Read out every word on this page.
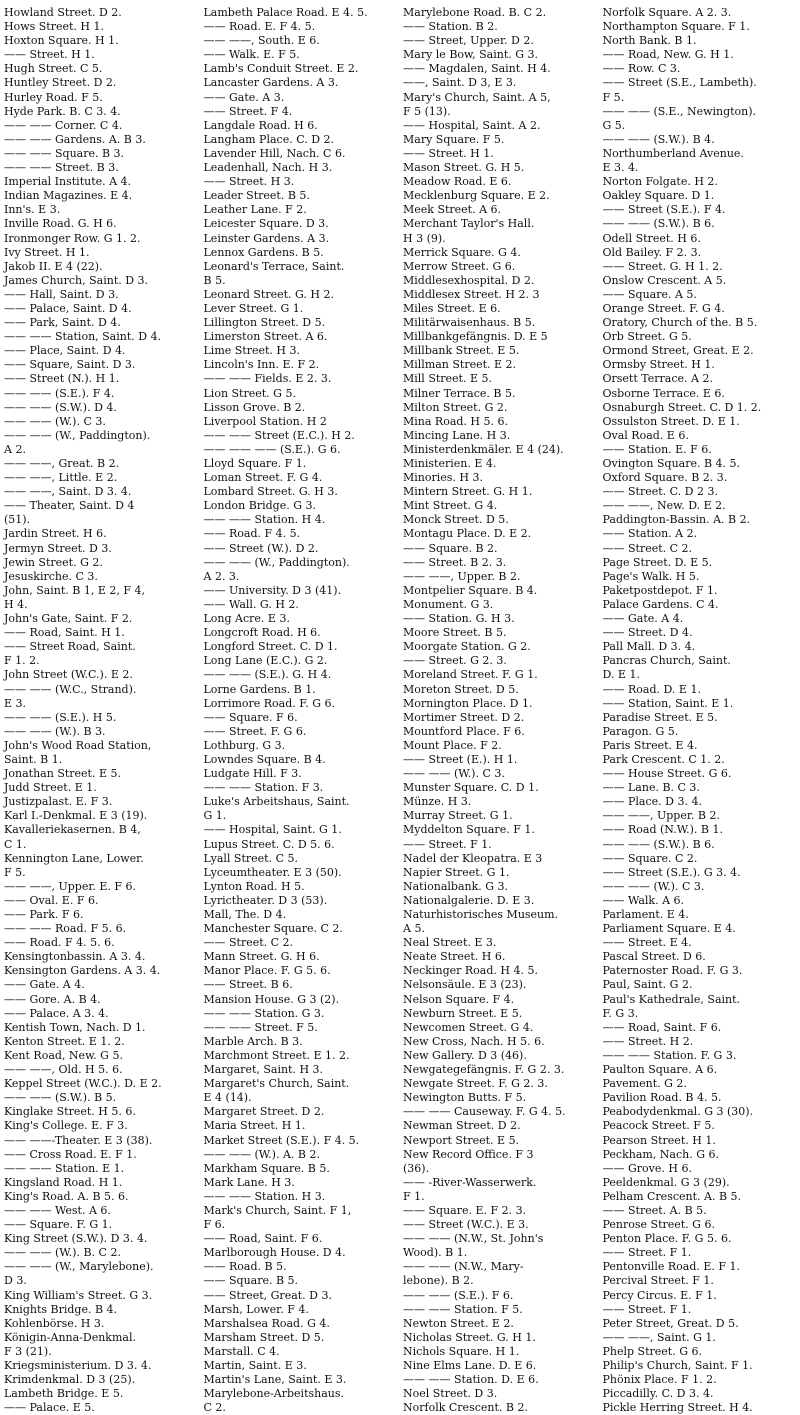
Howland Street. D 2.
Hows Street. H 1.
Hoxton Square. H 1.
—— Street. H 1.
Hugh Street. C 5.
Huntley Street. D 2.
Hurley Road. F 5.
Hyde Park. B. C 3. 4.
—— —— Corner. C 4.
—— —— Gardens. A. B 3.
—— —— Square. B 3.
—— —— Street. B 3.
Imperial Institute. A 4.
Indian Magazines. E 4.
Inn's. E 3.
Inville Road. G. H 6.
Ironmonger Row. G 1. 2.
Ivy Street. H 1.
Jakob II. E 4 (22).
James Church, Saint. D 3.
—— Hall, Saint. D 3.
—— Palace, Saint. D 4.
—— Park, Saint. D 4.
—— —— Station, Saint. D 4.
—— Place, Saint. D 4.
—— Square, Saint. D 3.
—— Street (N.). H 1.
—— —— (S.E.). F 4.
—— —— (S.W.). D 4.
—— —— (W.). C 3.
—— —— (W., Paddington).
A 2.
—— ——, Great. B 2.
—— ——, Little. E 2.
—— ——, Saint. D 3. 4.
—— Theater, Saint. D 4
(51).
Jardin Street. H 6.
Jermyn Street. D 3.
Jewin Street. G 2.
Jesuskirche. C 3.
John, Saint. B 1, E 2, F 4,
H 4.
John's Gate, Saint. F 2.
—— Road, Saint. H 1.
—— Street Road, Saint.
F 1. 2.
John Street (W.C.). E 2.
—— —— (W.C., Strand).
E 3.
—— —— (S.E.). H 5.
—— —— (W.). B 3.
John's Wood Road Station,
Saint. B 1.
Jonathan Street. E 5.
Judd Street. E 1.
Justizpalast. E. F 3.
Karl I.-Denkmal. E 3 (19).
Kavalleriekasernen. B 4,
C 1.
Kennington Lane, Lower.
F 5.
—— ——, Upper. E. F 6.
—— Oval. E. F 6.
—— Park. F 6.
—— —— Road. F 5. 6.
—— Road. F 4. 5. 6.
Kensingtonbassin. A 3. 4.
Kensington Gardens. A 3. 4.
—— Gate. A 4.
—— Gore. A. B 4.
—— Palace. A 3. 4.
Kentish Town, Nach. D 1.
Kenton Street. E 1. 2.
Kent Road, New. G 5.
—— ——, Old. H 5. 6.
Keppel Street (W.C.). D. E 2.
—— —— (S.W.). B 5.
Kinglake Street. H 5. 6.
King's College. E. F 3.
—— ——-Theater. E 3 (38).
—— Cross Road. E. F 1.
—— —— Station. E 1.
Kingsland Road. H 1.
King's Road. A. B 5. 6.
—— —— West. A 6.
—— Square. F. G 1.
King Street (S.W.). D 3. 4.
—— —— (W.). B. C 2.
—— —— (W., Marylebone).
D 3.
King William's Street. G 3.
Knights Bridge. B 4.
Kohlenbörse. H 3.
Königin-Anna-Denkmal.
F 3 (21).
Kriegsministerium. D 3. 4.
Krimdenkmal. D 3 (25).
Lambeth Bridge. E 5.
—— Palace. E 5.
Lambeth Palace Road. E 4. 5.
—— Road. E. F 4. 5.
—— ——, South. E 6.
—— Walk. E. F 5.
Lamb's Conduit Street. E 2.
Lancaster Gardens. A 3.
—— Gate. A 3.
—— Street. F 4.
Langdale Road. H 6.
Langham Place. C. D 2.
Lavender Hill, Nach. C 6.
Leadenhall, Nach. H 3.
—— Street. H 3.
Leader Street. B 5.
Leather Lane. F 2.
Leicester Square. D 3.
Leinster Gardens. A 3.
Lennox Gardens. B 5.
Leonard's Terrace, Saint.
B 5.
Leonard Street. G. H 2.
Lever Street. G 1.
Lillington Street. D 5.
Limerston Street. A 6.
Lime Street. H 3.
Lincoln's Inn. E. F 2.
—— —— Fields. E 2. 3.
Lion Street. G 5.
Lisson Grove. B 2.
Liverpool Station. H 2
—— —— Street (E.C.). H 2.
—— —— —— (S.E.). G 6.
Lloyd Square. F 1.
Loman Street. F. G 4.
Lombard Street. G. H 3.
London Bridge. G 3.
—— —— Station. H 4.
—— Road. F 4. 5.
—— Street (W.). D 2.
—— —— (W., Paddington).
A 2. 3.
—— University. D 3 (41).
—— Wall. G. H 2.
Long Acre. E 3.
Longcroft Road. H 6.
Longford Street. C. D 1.
Long Lane (E.C.). G 2.
—— —— (S.E.). G. H 4.
Lorne Gardens. B 1.
Lorrimore Road. F. G 6.
—— Square. F 6.
—— Street. F. G 6.
Lothburg. G 3.
Lowndes Square. B 4.
Ludgate Hill. F 3.
—— —— Station. F 3.
Luke's Arbeitshaus, Saint.
G 1.
—— Hospital, Saint. G 1.
Lupus Street. C. D 5. 6.
Lyall Street. C 5.
Lyceumtheater. E 3 (50).
Lynton Road. H 5.
Lyrictheater. D 3 (53).
Mall, The. D 4.
Manchester Square. C 2.
—— Street. C 2.
Mann Street. G. H 6.
Manor Place. F. G 5. 6.
—— Street. B 6.
Mansion House. G 3 (2).
—— —— Station. G 3.
—— —— Street. F 5.
Marble Arch. B 3.
Marchmont Street. E 1. 2.
Margaret, Saint. H 3.
Margaret's Church, Saint.
E 4 (14).
Margaret Street. D 2.
Maria Street. H 1.
Market Street (S.E.). F 4. 5.
—— —— (W.). A. B 2.
Markham Square. B 5.
Mark Lane. H 3.
—— —— Station. H 3.
Mark's Church, Saint. F 1,
F 6.
—— Road, Saint. F 6.
Marlborough House. D 4.
—— Road. B 5.
—— Square. B 5.
—— Street, Great. D 3.
Marsh, Lower. F 4.
Marshalsea Road. G 4.
Marsham Street. D 5.
Marstall. C 4.
Martin, Saint. E 3.
Martin's Lane, Saint. E 3.
Marylebone-Arbeitshaus.
C 2.
Marylebone Road. B. C 2.
—— Station. B 2.
—— Street, Upper. D 2.
Mary le Bow, Saint. G 3.
—— Magdalen, Saint. H 4.
——, Saint. D 3, E 3.
Mary's Church, Saint. A 5,
F 5 (13).
—— Hospital, Saint. A 2.
Mary Square. F 5.
—— Street. H 1.
Mason Street. G. H 5.
Meadow Road. E 6.
Mecklenburg Square. E 2.
Meek Street. A 6.
Merchant Taylor's Hall.
H 3 (9).
Merrick Square. G 4.
Merrow Street. G 6.
Middlesexhospital. D 2.
Middlesex Street. H 2. 3
Miles Street. E 6.
Militärwaisenhaus. B 5.
Millbankgefängnis. D. E 5
Millbank Street. E 5.
Millman Street. E 2.
Mill Street. E 5.
Milner Terrace. B 5.
Milton Street. G 2.
Mina Road. H 5. 6.
Mincing Lane. H 3.
Ministerdenkmäler. E 4 (24).
Ministerien. E 4.
Minories. H 3.
Mintern Street. G. H 1.
Mint Street. G 4.
Monck Street. D 5.
Montagu Place. D. E 2.
—— Square. B 2.
—— Street. B 2. 3.
—— ——, Upper. B 2.
Montpelier Square. B 4.
Monument. G 3.
—— Station. G. H 3.
Moore Street. B 5.
Moorgate Station. G 2.
—— Street. G 2. 3.
Moreland Street. F. G 1.
Moreton Street. D 5.
Mornington Place. D 1.
Mortimer Street. D 2.
Mountford Place. F 6.
Mount Place. F 2.
—— Street (E.). H 1.
—— —— (W.). C 3.
Munster Square. C. D 1.
Münze. H 3.
Murray Street. G 1.
Myddelton Square. F 1.
—— Street. F 1.
Nadel der Kleopatra. E 3
Napier Street. G 1.
Nationalbank. G 3.
Nationalgalerie. D. E 3.
Naturhistorisches Museum.
A 5.
Neal Street. E 3.
Neate Street. H 6.
Neckinger Road. H 4. 5.
Nelsonsäule. E 3 (23).
Nelson Square. F 4.
Newburn Street. E 5.
Newcomen Street. G 4.
New Cross, Nach. H 5. 6.
New Gallery. D 3 (46).
Newgategefängnis. F. G 2. 3.
Newgate Street. F. G 2. 3.
Newington Butts. F 5.
—— —— Causeway. F. G 4. 5.
Newman Street. D 2.
Newport Street. E 5.
New Record Office. F 3
(36).
—— -River-Wasserwerk.
F 1.
—— Square. E. F 2. 3.
—— Street (W.C.). E 3.
—— —— (N.W., St. John's
Wood). B 1.
—— —— (N.W., Mary-
lebone). B 2.
—— —— (S.E.). F 6.
—— —— Station. F 5.
Newton Street. E 2.
Nicholas Street. G. H 1.
Nichols Square. H 1.
Nine Elms Lane. D. E 6.
—— —— Station. D. E 6.
Noel Street. D 3.
Norfolk Crescent. B 2.
Norfolk Square. A 2. 3.
Northampton Square. F 1.
North Bank. B 1.
—— Road, New. G. H 1.
—— Row. C 3.
—— Street (S.E., Lambeth).
F 5.
—— —— (S.E., Newington).
G 5.
—— —— (S.W.). B 4.
Northumberland Avenue.
E 3. 4.
Norton Folgate. H 2.
Oakley Square. D 1.
—— Street (S.E.). F 4.
—— —— (S.W.). B 6.
Odell Street. H 6.
Old Bailey. F 2. 3.
—— Street. G. H 1. 2.
Onslow Crescent. A 5.
—— Square. A 5.
Orange Street. F. G 4.
Oratory, Church of the. B 5.
Orb Street. G 5.
Ormond Street, Great. E 2.
Ormsby Street. H 1.
Orsett Terrace. A 2.
Osborne Terrace. E 6.
Osnaburgh Street. C. D 1. 2.
Ossulston Street. D. E 1.
Oval Road. E 6.
—— Station. E. F 6.
Ovington Square. B 4. 5.
Oxford Square. B 2. 3.
—— Street. C. D 2 3.
—— ——, New. D. E 2.
Paddington-Bassin. A. B 2.
—— Station. A 2.
—— Street. C 2.
Page Street. D. E 5.
Page's Walk. H 5.
Paketpostdepot. F 1.
Palace Gardens. C 4.
—— Gate. A 4.
—— Street. D 4.
Pall Mall. D 3. 4.
Pancras Church, Saint.
D. E 1.
—— Road. D. E 1.
—— Station, Saint. E 1.
Paradise Street. E 5.
Paragon. G 5.
Paris Street. E 4.
Park Crescent. C 1. 2.
—— House Street. G 6.
—— Lane. B. C 3.
—— Place. D 3. 4.
—— ——, Upper. B 2.
—— Road (N.W.). B 1.
—— —— (S.W.). B 6.
—— Square. C 2.
—— Street (S.E.). G 3. 4.
—— —— (W.). C 3.
—— Walk. A 6.
Parlament. E 4.
Parliament Square. E 4.
—— Street. E 4.
Pascal Street. D 6.
Paternoster Road. F. G 3.
Paul, Saint. G 2.
Paul's Kathedrale, Saint.
F. G 3.
—— Road, Saint. F 6.
—— Street. H 2.
—— —— Station. F. G 3.
Paulton Square. A 6.
Pavement. G 2.
Pavilion Road. B 4. 5.
Peabodydenkmal. G 3 (30).
Peacock Street. F 5.
Pearson Street. H 1.
Peckham, Nach. G 6.
—— Grove. H 6.
Peeldenkmal. G 3 (29).
Pelham Crescent. A. B 5.
—— Street. A. B 5.
Penrose Street. G 6.
Penton Place. F. G 5. 6.
—— Street. F 1.
Pentonville Road. E. F 1.
Percival Street. F 1.
Percy Circus. E. F 1.
—— Street. F 1.
Peter Street, Great. D 5.
—— ——, Saint. G 1.
Phelp Street. G 6.
Philip's Church, Saint. F 1.
Phönix Place. F 1. 2.
Piccadilly. C. D 3. 4.
Pickle Herring Street. H 4.
